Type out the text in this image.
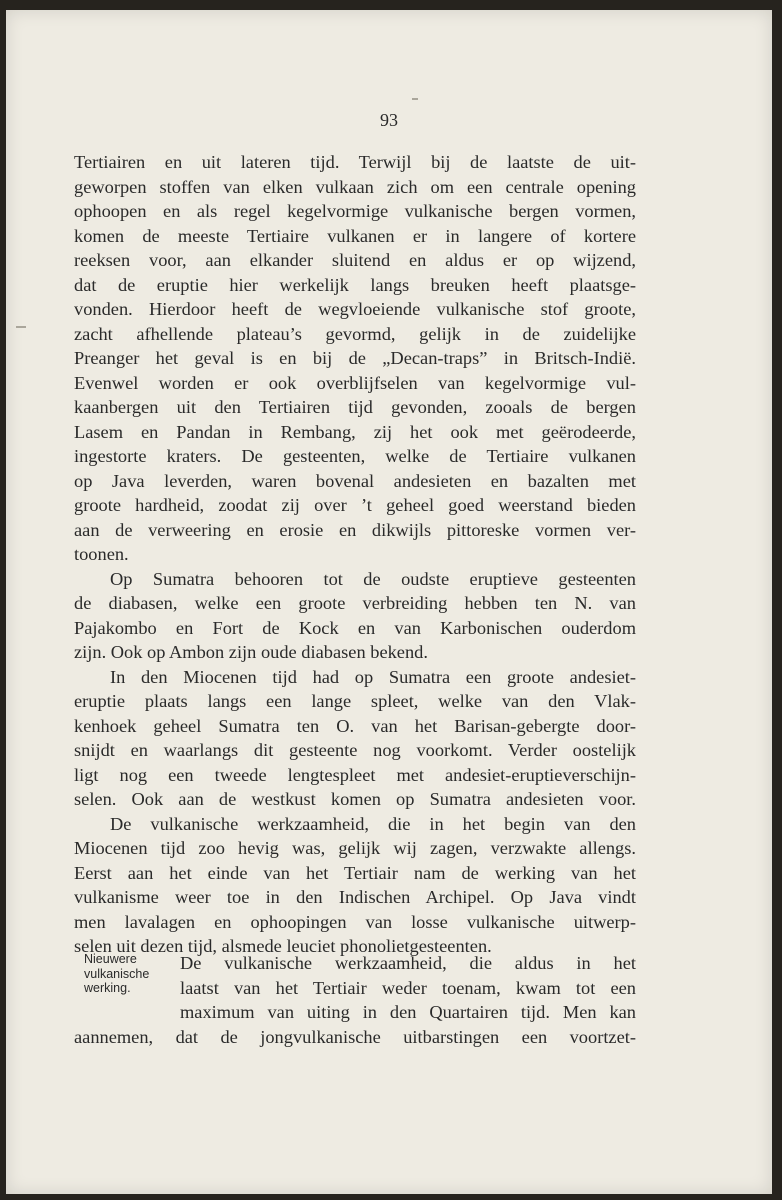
93
Tertiairen en uit lateren tijd. Terwijl bij de laatste de uit-
geworpen stoffen van elken vulkaan zich om een centrale opening
ophoopen en als regel kegelvormige vulkanische bergen vormen,
komen de meeste Tertiaire vulkanen er in langere of kortere
reeksen voor, aan elkander sluitend en aldus er op wijzend,
dat de eruptie hier werkelijk langs breuken heeft plaatsge-
vonden. Hierdoor heeft de wegvloeiende vulkanische stof groote,
zacht afhellende plateau’s gevormd, gelijk in de zuidelijke
Preanger het geval is en bij de „Decan-traps” in Britsch-Indië.
Evenwel worden er ook overblijfselen van kegelvormige vul-
kaanbergen uit den Tertiairen tijd gevonden, zooals de bergen
Lasem en Pandan in Rembang, zij het ook met geërodeerde,
ingestorte kraters. De gesteenten, welke de Tertiaire vulkanen
op Java leverden, waren bovenal andesieten en bazalten met
groote hardheid, zoodat zij over ’t geheel goed weerstand bieden
aan de verweering en erosie en dikwijls pittoreske vormen ver-
toonen.
Op Sumatra behooren tot de oudste eruptieve gesteenten
de diabasen, welke een groote verbreiding hebben ten N. van
Pajakombo en Fort de Kock en van Karbonischen ouderdom
zijn. Ook op Ambon zijn oude diabasen bekend.
In den Miocenen tijd had op Sumatra een groote andesiet-
eruptie plaats langs een lange spleet, welke van den Vlak-
kenhoek geheel Sumatra ten O. van het Barisan-gebergte door-
snijdt en waarlangs dit gesteente nog voorkomt. Verder oostelijk
ligt nog een tweede lengtespleet met andesiet-eruptieverschijn-
selen. Ook aan de westkust komen op Sumatra andesieten voor.
De vulkanische werkzaamheid, die in het begin van den
Miocenen tijd zoo hevig was, gelijk wij zagen, verzwakte allengs.
Eerst aan het einde van het Tertiair nam de werking van het
vulkanisme weer toe in den Indischen Archipel. Op Java vindt
men lavalagen en ophoopingen van losse vulkanische uitwerp-
selen uit dezen tijd, alsmede leuciet phonolietgesteenten.
Nieuwere
vulkanische
werking.
De vulkanische werkzaamheid, die aldus in het
laatst van het Tertiair weder toenam, kwam tot een
maximum van uiting in den Quartairen tijd. Men kan
aannemen, dat de jongvulkanische uitbarstingen een voortzet-
